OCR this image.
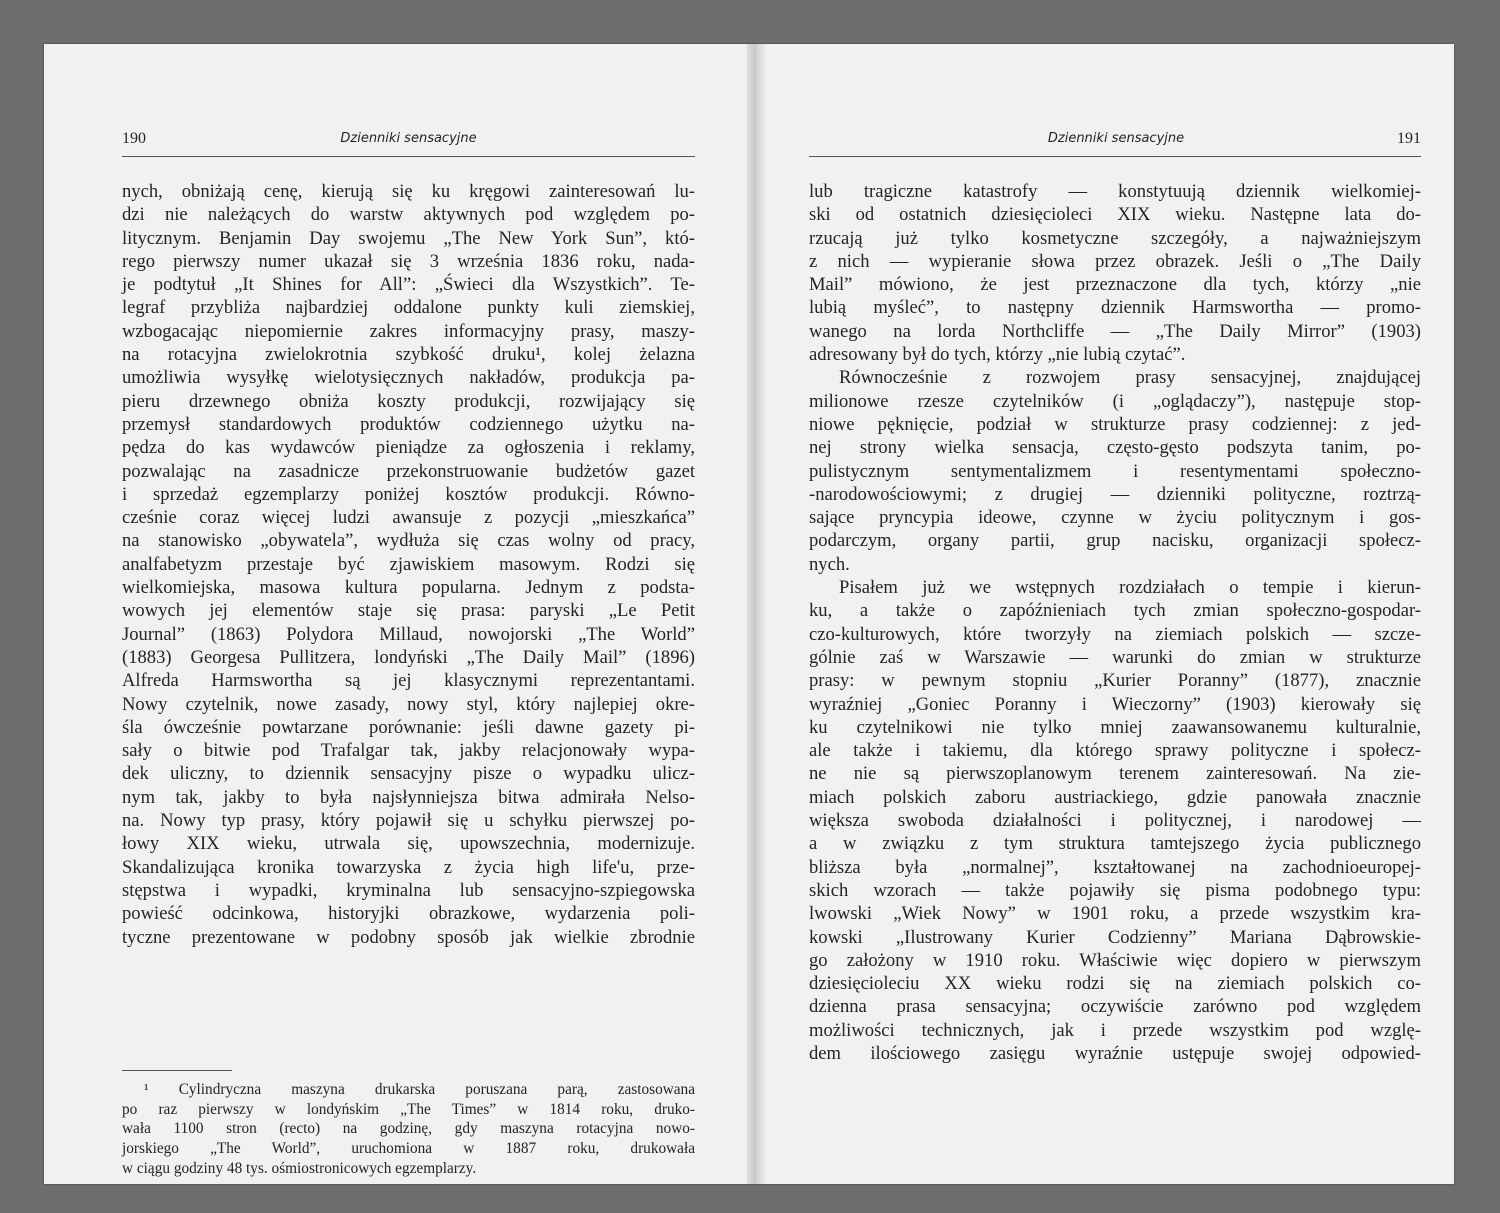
190	Dzienniki sensacyjne
nych, obniżają cenę, kierują się ku kręgowi zainteresowań lu-
dzi nie należących do warstw aktywnych pod względem po-
litycznym. Benjamin Day swojemu „The New York Sun”, któ-
rego pierwszy numer ukazał się 3 września 1836 roku, nada-
je podtytuł „It Shines for All”: „Świeci dla Wszystkich”. Te-
legraf przybliża najbardziej oddalone punkty kuli ziemskiej,
wzbogacając niepomiernie zakres informacyjny prasy, maszy-
na rotacyjna zwielokrotnia szybkość druku¹, kolej żelazna
umożliwia wysyłkę wielotysięcznych nakładów, produkcja pa-
pieru drzewnego obniża koszty produkcji, rozwijający się
przemysł standardowych produktów codziennego użytku na-
pędza do kas wydawców pieniądze za ogłoszenia i reklamy,
pozwalając na zasadnicze przekonstruowanie budżetów gazet
i sprzedaż egzemplarzy poniżej kosztów produkcji. Równo-
cześnie coraz więcej ludzi awansuje z pozycji „mieszkańca”
na stanowisko „obywatela”, wydłuża się czas wolny od pracy,
analfabetyzm przestaje być zjawiskiem masowym. Rodzi się
wielkomiejska, masowa kultura popularna. Jednym z podsta-
wowych jej elementów staje się prasa: paryski „Le Petit
Journal” (1863) Polydora Millaud, nowojorski „The World”
(1883) Georgesa Pullitzera, londyński „The Daily Mail” (1896)
Alfreda Harmswortha są jej klasycznymi reprezentantami.
Nowy czytelnik, nowe zasady, nowy styl, który najlepiej okre-
śla ówcześnie powtarzane porównanie: jeśli dawne gazety pi-
sały o bitwie pod Trafalgar tak, jakby relacjonowały wypa-
dek uliczny, to dziennik sensacyjny pisze o wypadku ulicz-
nym tak, jakby to była najsłynniejsza bitwa admirała Nelso-
na. Nowy typ prasy, który pojawił się u schyłku pierwszej po-
łowy XIX wieku, utrwala się, upowszechnia, modernizuje.
Skandalizująca kronika towarzyska z życia high life'u, prze-
stępstwa i wypadki, kryminalna lub sensacyjno-szpiegowska
powieść odcinkowa, historyjki obrazkowe, wydarzenia poli-
tyczne prezentowane w podobny sposób jak wielkie zbrodnie
¹ Cylindryczna maszyna drukarska poruszana parą, zastosowana
po raz pierwszy w londyńskim „The Times” w 1814 roku, druko-
wała 1100 stron (recto) na godzinę, gdy maszyna rotacyjna nowo-
jorskiego „The World”, uruchomiona w 1887 roku, drukowała
w ciągu godziny 48 tys. ośmiostronicowych egzemplarzy.
Dzienniki sensacyjne	191
lub tragiczne katastrofy — konstytuują dziennik wielkomiej-
ski od ostatnich dziesięcioleci XIX wieku. Następne lata do-
rzucają już tylko kosmetyczne szczegóły, a najważniejszym
z nich — wypieranie słowa przez obrazek. Jeśli o „The Daily
Mail” mówiono, że jest przeznaczone dla tych, którzy „nie
lubią myśleć”, to następny dziennik Harmswortha — promo-
wanego na lorda Northcliffe — „The Daily Mirror” (1903)
adresowany był do tych, którzy „nie lubią czytać”.
Równocześnie z rozwojem prasy sensacyjnej, znajdującej
milionowe rzesze czytelników (i „oglądaczy”), następuje stop-
niowe pęknięcie, podział w strukturze prasy codziennej: z jed-
nej strony wielka sensacja, często-gęsto podszyta tanim, po-
pulistycznym sentymentalizmem i resentymentami społeczno-
-narodowościowymi; z drugiej — dzienniki polityczne, roztrzą-
sające pryncypia ideowe, czynne w życiu politycznym i gos-
podarczym, organy partii, grup nacisku, organizacji społecz-
nych.
Pisałem już we wstępnych rozdziałach o tempie i kierun-
ku, a także o zapóźnieniach tych zmian społeczno-gospodar-
czo-kulturowych, które tworzyły na ziemiach polskich — szcze-
gólnie zaś w Warszawie — warunki do zmian w strukturze
prasy: w pewnym stopniu „Kurier Poranny” (1877), znacznie
wyraźniej „Goniec Poranny i Wieczorny” (1903) kierowały się
ku czytelnikowi nie tylko mniej zaawansowanemu kulturalnie,
ale także i takiemu, dla którego sprawy polityczne i społecz-
ne nie są pierwszoplanowym terenem zainteresowań. Na zie-
miach polskich zaboru austriackiego, gdzie panowała znacznie
większa swoboda działalności i politycznej, i narodowej —
a w związku z tym struktura tamtejszego życia publicznego
bliższa była „normalnej”, kształtowanej na zachodnioeuropej-
skich wzorach — także pojawiły się pisma podobnego typu:
lwowski „Wiek Nowy” w 1901 roku, a przede wszystkim kra-
kowski „Ilustrowany Kurier Codzienny” Mariana Dąbrowskie-
go założony w 1910 roku. Właściwie więc dopiero w pierwszym
dziesięcioleciu XX wieku rodzi się na ziemiach polskich co-
dzienna prasa sensacyjna; oczywiście zarówno pod względem
możliwości technicznych, jak i przede wszystkim pod wzglę-
dem ilościowego zasięgu wyraźnie ustępuje swojej odpowied-
